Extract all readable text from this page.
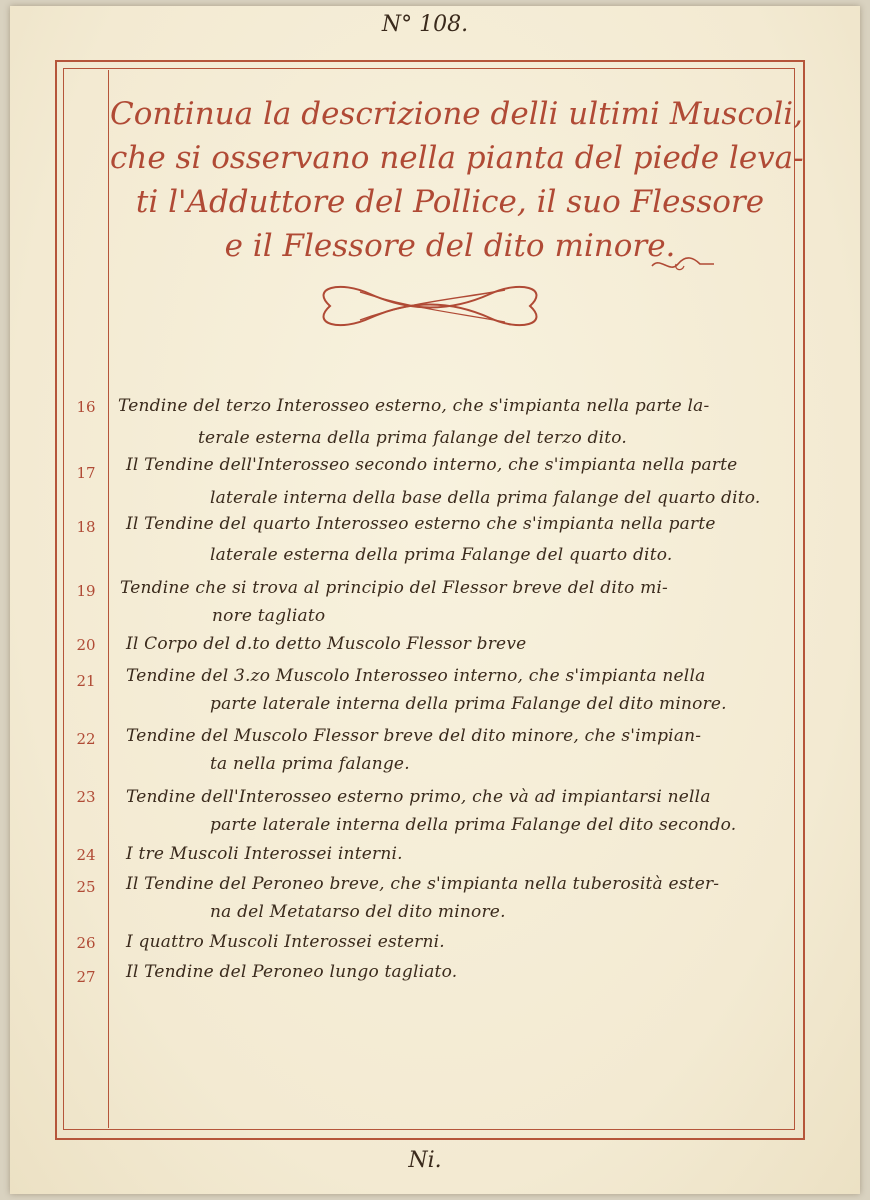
N° 108.
Continua la descrizione delli ultimi Muscoli,
che si osservano nella pianta del piede leva-
ti l'Adduttore del Pollice, il suo Flessore
e il Flessore del dito minore.
16	Tendine del terzo Interosseo esterno, che s'impianta nella parte la-
terale esterna della prima falange del terzo dito.
17	Il Tendine dell'Interosseo secondo interno, che s'impianta nella parte
laterale interna della base della prima falange del quarto dito.
18	Il Tendine del quarto Interosseo esterno che s'impianta nella parte
laterale esterna della prima Falange del quarto dito.
19	Tendine che si trova al principio del Flessor breve del dito mi-
nore tagliato
20	Il Corpo del d.to detto Muscolo Flessor breve
21	Tendine del 3.zo Muscolo Interosseo interno, che s'impianta nella
parte laterale interna della prima Falange del dito minore.
22	Tendine del Muscolo Flessor breve del dito minore, che s'impian-
ta nella prima falange.
23	Tendine dell'Interosseo esterno primo, che và ad impiantarsi nella
parte laterale interna della prima Falange del dito secondo.
24	I tre Muscoli Interossei interni.
25	Il Tendine del Peroneo breve, che s'impianta nella tuberosità ester-
na del Metatarso del dito minore.
26	I quattro Muscoli Interossei esterni.
27	Il Tendine del Peroneo lungo tagliato.
Ni.
